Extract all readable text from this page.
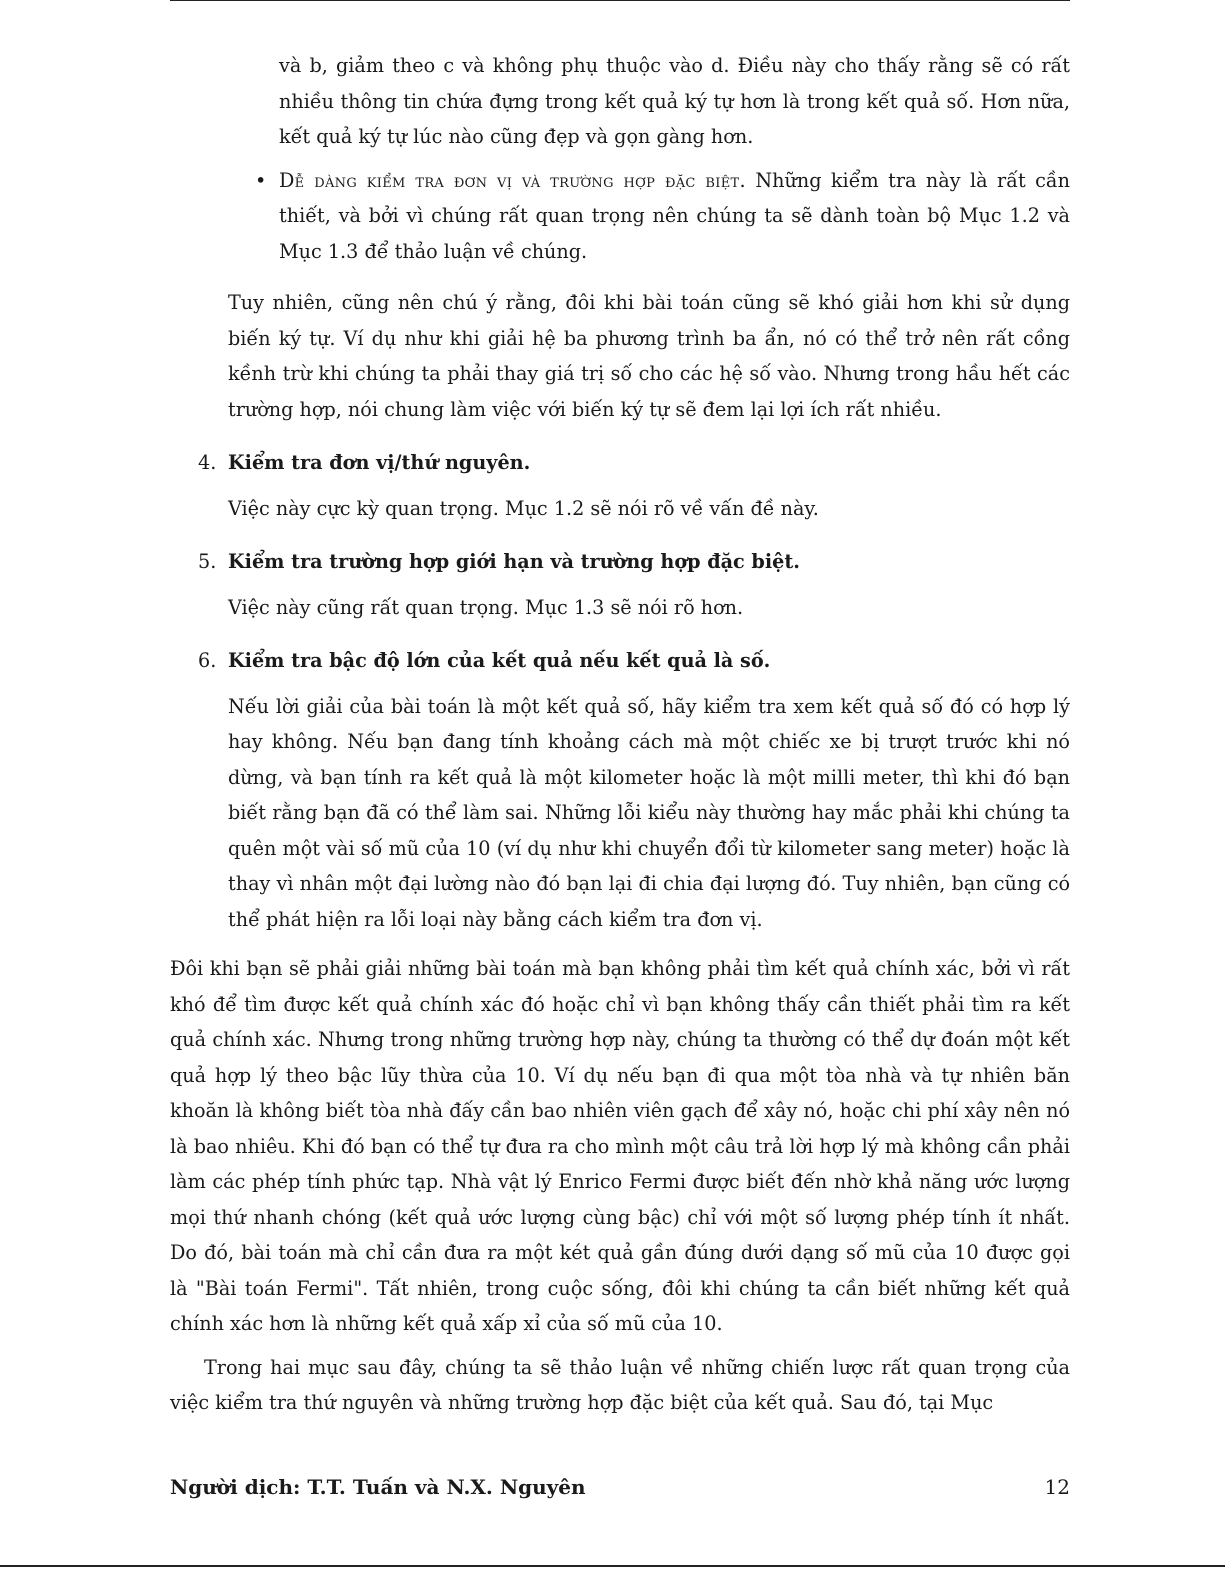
và b, giảm theo c và không phụ thuộc vào d. Điều này cho thấy rằng sẽ có rất nhiều thông tin chứa đựng trong kết quả ký tự hơn là trong kết quả số. Hơn nữa, kết quả ký tự lúc nào cũng đẹp và gọn gàng hơn.

• Dễ dàng kiểm tra đơn vị và trường hợp đặc biệt. Những kiểm tra này là rất cần thiết, và bởi vì chúng rất quan trọng nên chúng ta sẽ dành toàn bộ Mục 1.2 và Mục 1.3 để thảo luận về chúng.

Tuy nhiên, cũng nên chú ý rằng, đôi khi bài toán cũng sẽ khó giải hơn khi sử dụng biến ký tự. Ví dụ như khi giải hệ ba phương trình ba ẩn, nó có thể trở nên rất cồng kềnh trừ khi chúng ta phải thay giá trị số cho các hệ số vào. Nhưng trong hầu hết các trường hợp, nói chung làm việc với biến ký tự sẽ đem lại lợi ích rất nhiều.

4. Kiểm tra đơn vị/thứ nguyên.

Việc này cực kỳ quan trọng. Mục 1.2 sẽ nói rõ về vấn đề này.

5. Kiểm tra trường hợp giới hạn và trường hợp đặc biệt.

Việc này cũng rất quan trọng. Mục 1.3 sẽ nói rõ hơn.

6. Kiểm tra bậc độ lớn của kết quả nếu kết quả là số.

Nếu lời giải của bài toán là một kết quả số, hãy kiểm tra xem kết quả số đó có hợp lý hay không. Nếu bạn đang tính khoảng cách mà một chiếc xe bị trượt trước khi nó dừng, và bạn tính ra kết quả là một kilometer hoặc là một milli meter, thì khi đó bạn biết rằng bạn đã có thể làm sai. Những lỗi kiểu này thường hay mắc phải khi chúng ta quên một vài số mũ của 10 (ví dụ như khi chuyển đổi từ kilometer sang meter) hoặc là thay vì nhân một đại lường nào đó bạn lại đi chia đại lượng đó. Tuy nhiên, bạn cũng có thể phát hiện ra lỗi loại này bằng cách kiểm tra đơn vị.

Đôi khi bạn sẽ phải giải những bài toán mà bạn không phải tìm kết quả chính xác, bởi vì rất khó để tìm được kết quả chính xác đó hoặc chỉ vì bạn không thấy cần thiết phải tìm ra kết quả chính xác. Nhưng trong những trường hợp này, chúng ta thường có thể dự đoán một kết quả hợp lý theo bậc lũy thừa của 10. Ví dụ nếu bạn đi qua một tòa nhà và tự nhiên băn khoăn là không biết tòa nhà đấy cần bao nhiên viên gạch để xây nó, hoặc chi phí xây nên nó là bao nhiêu. Khi đó bạn có thể tự đưa ra cho mình một câu trả lời hợp lý mà không cần phải làm các phép tính phức tạp. Nhà vật lý Enrico Fermi được biết đến nhờ khả năng ước lượng mọi thứ nhanh chóng (kết quả ước lượng cùng bậc) chỉ với một số lượng phép tính ít nhất. Do đó, bài toán mà chỉ cần đưa ra một két quả gần đúng dưới dạng số mũ của 10 được gọi là "Bài toán Fermi". Tất nhiên, trong cuộc sống, đôi khi chúng ta cần biết những kết quả chính xác hơn là những kết quả xấp xỉ của số mũ của 10.

Trong hai mục sau đây, chúng ta sẽ thảo luận về những chiến lược rất quan trọng của việc kiểm tra thứ nguyên và những trường hợp đặc biệt của kết quả. Sau đó, tại Mục

Người dịch: T.T. Tuấn và N.X. Nguyên	12
